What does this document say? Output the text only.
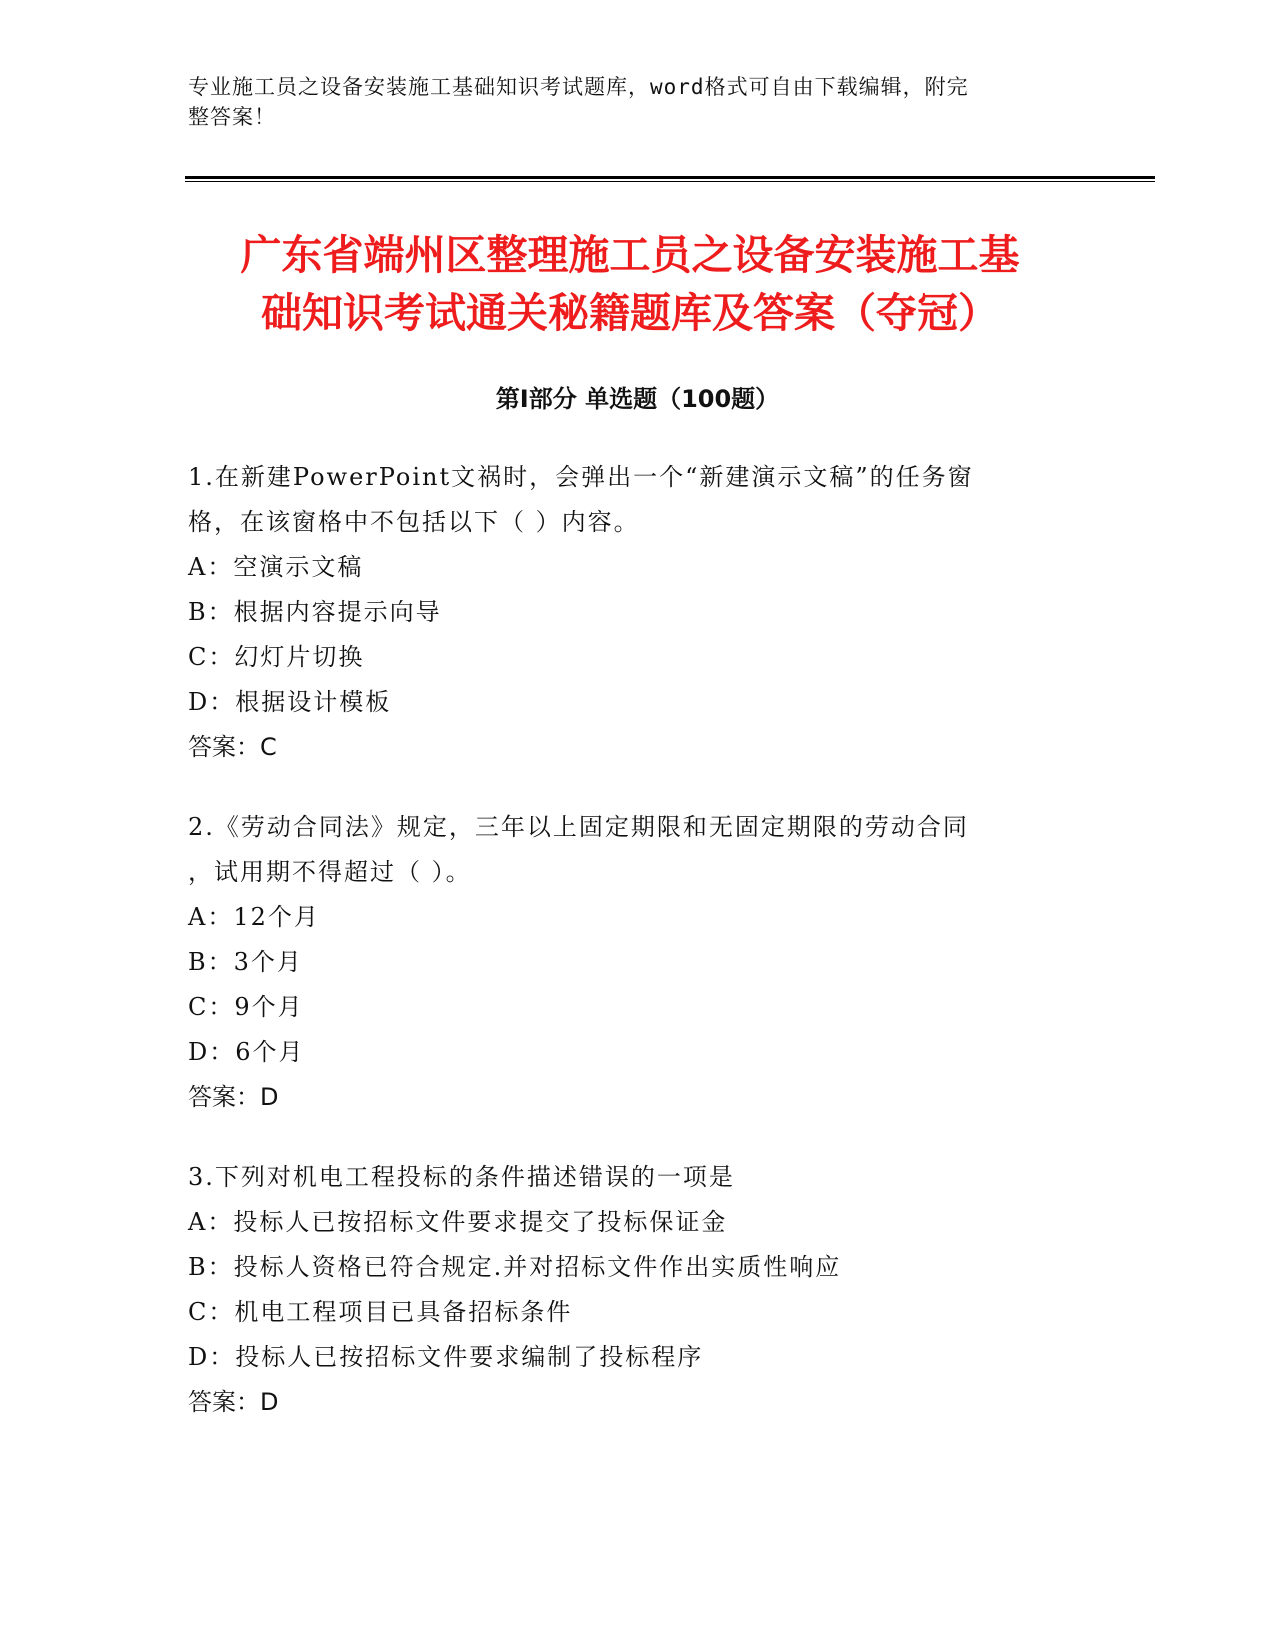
专业施工员之设备安装施工基础知识考试题库，word格式可自由下载编辑，附完
整答案！
广东省端州区整理施工员之设备安装施工基
础知识考试通关秘籍题库及答案（夺冠）
第Ⅰ部分 单选题（100题）
1.在新建PowerPoint文祸时，会弹出一个“新建演示文稿”的任务窗
格，在该窗格中不包括以下（ ）内容。
A：空演示文稿
B：根据内容提示向导
C：幻灯片切换
D：根据设计模板
答案：C
2.《劳动合同法》规定，三年以上固定期限和无固定期限的劳动合同
，试用期不得超过（ ）。
A：12个月
B：3个月
C：9个月
D：6个月
答案：D
3.下列对机电工程投标的条件描述错误的一项是
A：投标人已按招标文件要求提交了投标保证金
B：投标人资格已符合规定.并对招标文件作出实质性响应
C：机电工程项目已具备招标条件
D：投标人已按招标文件要求编制了投标程序
答案：D
